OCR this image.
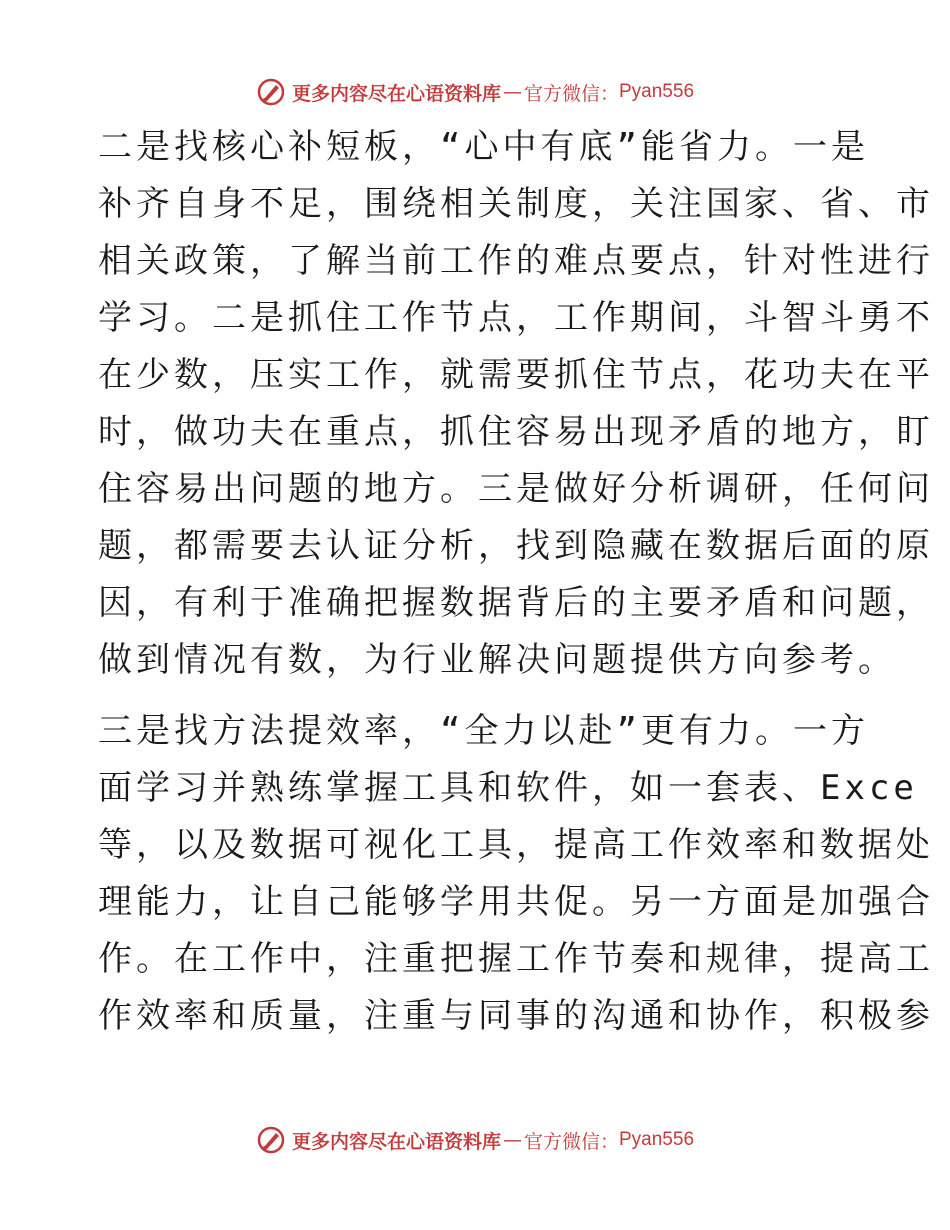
更多内容尽在心语资料库 — 官方微信： Pyan556
二是找核心补短板，“心中有底”能省力。一是
补齐自身不足，围绕相关制度，关注国家、省、市
相关政策，了解当前工作的难点要点，针对性进行
学习。二是抓住工作节点，工作期间，斗智斗勇不
在少数，压实工作，就需要抓住节点，花功夫在平
时，做功夫在重点，抓住容易出现矛盾的地方，盯
住容易出问题的地方。三是做好分析调研，任何问
题，都需要去认证分析，找到隐藏在数据后面的原
因，有利于准确把握数据背后的主要矛盾和问题，
做到情况有数，为行业解决问题提供方向参考。
三是找方法提效率，“全力以赴”更有力。一方
面学习并熟练掌握工具和软件，如一套表、Exce
等，以及数据可视化工具，提高工作效率和数据处
理能力，让自己能够学用共促。另一方面是加强合
作。在工作中，注重把握工作节奏和规律，提高工
作效率和质量，注重与同事的沟通和协作，积极参
更多内容尽在心语资料库 — 官方微信： Pyan556
